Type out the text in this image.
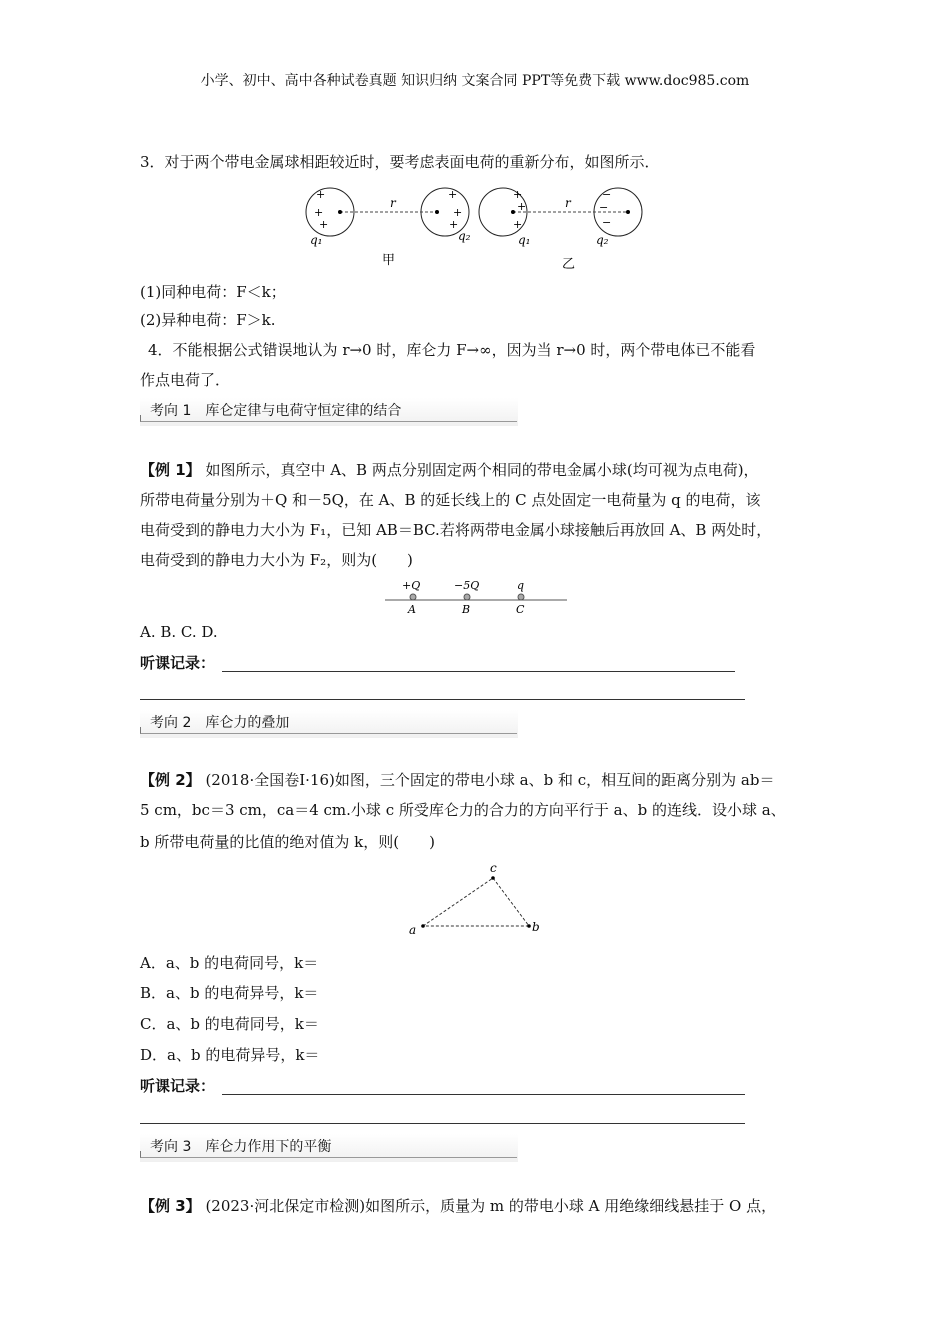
小学、初中、高中各种试卷真题 知识归纳 文案合同 PPT等免费下载 www.doc985.com
3．对于两个带电金属球相距较近时，要考虑表面电荷的重新分布，如图所示．
+
+
+
+
+
+
+
+
+
−
−
−
r	r
q₁	q₂	q₁	q₂
甲	乙
(1)同种电荷：F＜k；
(2)异种电荷：F＞k.
4．不能根据公式错误地认为 r→0 时，库仑力 F→∞，因为当 r→0 时，两个带电体已不能看
作点电荷了．
考向 1　库仑定律与电荷守恒定律的结合
【例 1】 如图所示，真空中 A、B 两点分别固定两个相同的带电金属小球(均可视为点电荷)，
所带电荷量分别为＋Q 和－5Q，在 A、B 的延长线上的 C 点处固定一电荷量为 q 的电荷，该
电荷受到的静电力大小为 F₁，已知 AB＝BC.若将两带电金属小球接触后再放回 A、B 两处时，
电荷受到的静电力大小为 F₂，则为(　　)
+Q	−5Q	q
A	B	C
A. B. C. D.
听课记录：
考向 2　库仑力的叠加
【例 2】 (2018·全国卷Ⅰ·16)如图，三个固定的带电小球 a、b 和 c，相互间的距离分别为 ab＝
5 cm，bc＝3 cm，ca＝4 cm.小球 c 所受库仑力的合力的方向平行于 a、b 的连线．设小球 a、
b 所带电荷量的比值的绝对值为 k，则(　　)
a	b
c
A．a、b 的电荷同号，k＝
B．a、b 的电荷异号，k＝
C．a、b 的电荷同号，k＝
D．a、b 的电荷异号，k＝
听课记录：
考向 3　库仑力作用下的平衡
【例 3】 (2023·河北保定市检测)如图所示，质量为 m 的带电小球 A 用绝缘细线悬挂于 O 点，
